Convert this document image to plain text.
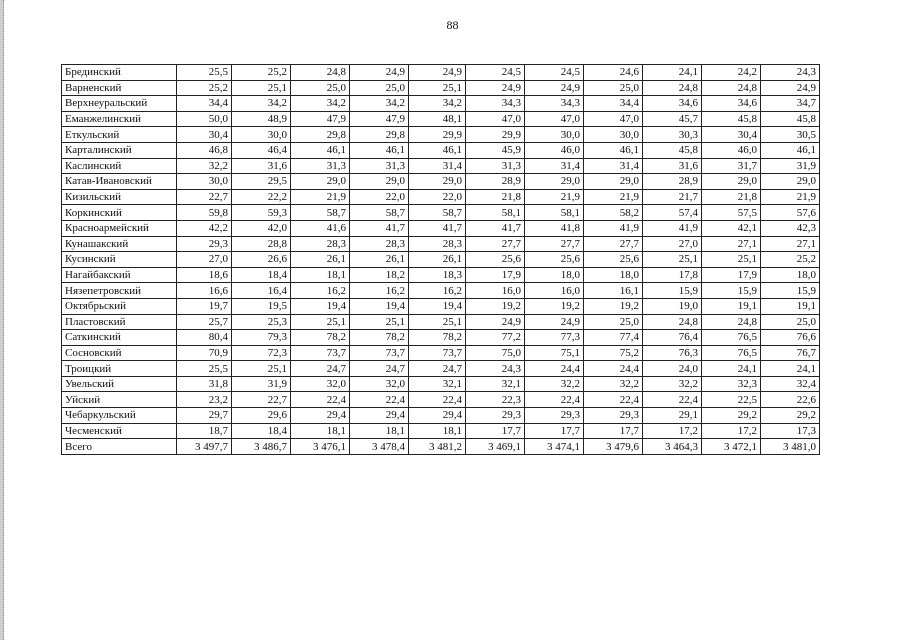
88
Брединский	25,5	25,2	24,8	24,9	24,9	24,5	24,5	24,6	24,1	24,2	24,3
Варненский	25,2	25,1	25,0	25,0	25,1	24,9	24,9	25,0	24,8	24,8	24,9
Верхнеуральский	34,4	34,2	34,2	34,2	34,2	34,3	34,3	34,4	34,6	34,6	34,7
Еманжелинский	50,0	48,9	47,9	47,9	48,1	47,0	47,0	47,0	45,7	45,8	45,8
Еткульский	30,4	30,0	29,8	29,8	29,9	29,9	30,0	30,0	30,3	30,4	30,5
Карталинский	46,8	46,4	46,1	46,1	46,1	45,9	46,0	46,1	45,8	46,0	46,1
Каслинский	32,2	31,6	31,3	31,3	31,4	31,3	31,4	31,4	31,6	31,7	31,9
Катав-Ивановский	30,0	29,5	29,0	29,0	29,0	28,9	29,0	29,0	28,9	29,0	29,0
Кизильский	22,7	22,2	21,9	22,0	22,0	21,8	21,9	21,9	21,7	21,8	21,9
Коркинский	59,8	59,3	58,7	58,7	58,7	58,1	58,1	58,2	57,4	57,5	57,6
Красноармейский	42,2	42,0	41,6	41,7	41,7	41,7	41,8	41,9	41,9	42,1	42,3
Кунашакский	29,3	28,8	28,3	28,3	28,3	27,7	27,7	27,7	27,0	27,1	27,1
Кусинский	27,0	26,6	26,1	26,1	26,1	25,6	25,6	25,6	25,1	25,1	25,2
Нагайбакский	18,6	18,4	18,1	18,2	18,3	17,9	18,0	18,0	17,8	17,9	18,0
Нязепетровский	16,6	16,4	16,2	16,2	16,2	16,0	16,0	16,1	15,9	15,9	15,9
Октябрьский	19,7	19,5	19,4	19,4	19,4	19,2	19,2	19,2	19,0	19,1	19,1
Пластовский	25,7	25,3	25,1	25,1	25,1	24,9	24,9	25,0	24,8	24,8	25,0
Саткинский	80,4	79,3	78,2	78,2	78,2	77,2	77,3	77,4	76,4	76,5	76,6
Сосновский	70,9	72,3	73,7	73,7	73,7	75,0	75,1	75,2	76,3	76,5	76,7
Троицкий	25,5	25,1	24,7	24,7	24,7	24,3	24,4	24,4	24,0	24,1	24,1
Увельский	31,8	31,9	32,0	32,0	32,1	32,1	32,2	32,2	32,2	32,3	32,4
Уйский	23,2	22,7	22,4	22,4	22,4	22,3	22,4	22,4	22,4	22,5	22,6
Чебаркульский	29,7	29,6	29,4	29,4	29,4	29,3	29,3	29,3	29,1	29,2	29,2
Чесменский	18,7	18,4	18,1	18,1	18,1	17,7	17,7	17,7	17,2	17,2	17,3
Всего	3 497,7	3 486,7	3 476,1	3 478,4	3 481,2	3 469,1	3 474,1	3 479,6	3 464,3	3 472,1	3 481,0
